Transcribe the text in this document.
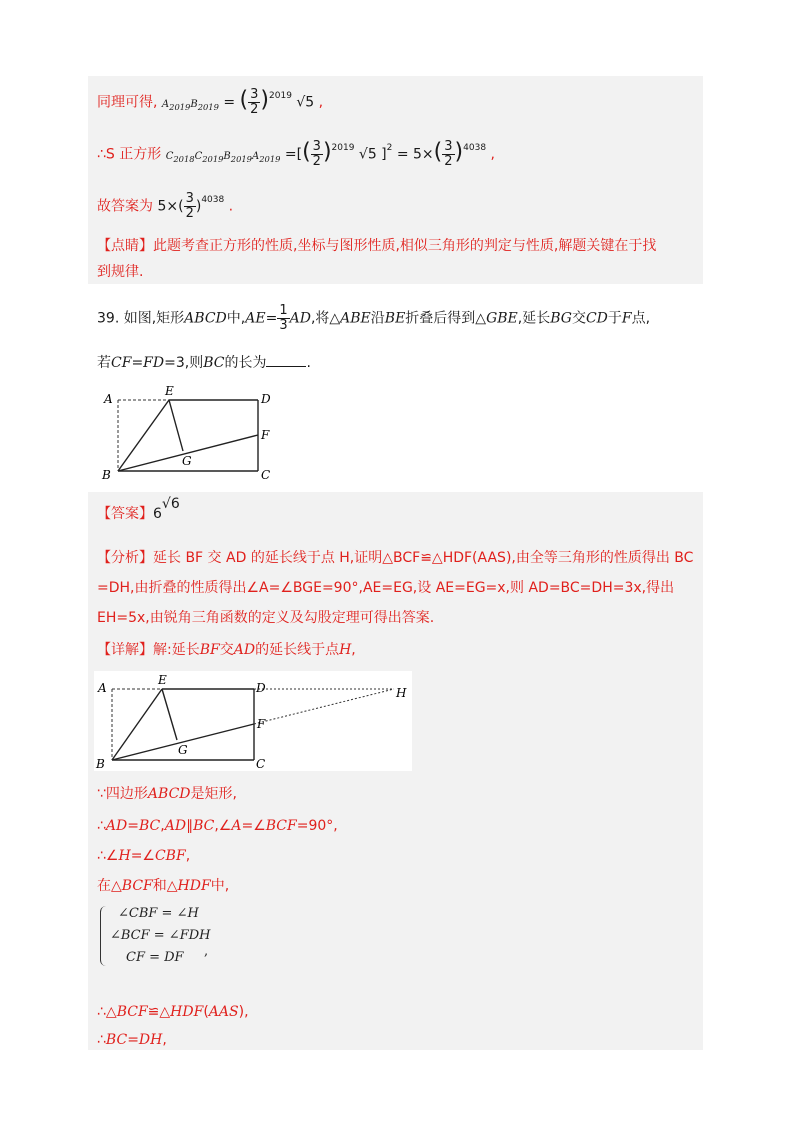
同理可得, $A_{2019}B_{2019}$ = ( $\frac{3}{2} )^{2019}$ √5 ,
∴S 正方形 $C_{2018}C_{2019}B_{2019}A_{2019}$ =[( $\frac{3}{2} )^{2019}$ √5 ]$^2 = 5\times( \frac{3}{2} )^{4038}$ ,
故答案为 $5\times( \frac{3}{2} )^{4038}$ .
【点睛】此题考查正方形的性质,坐标与图形性质,相似三角形的判定与性质,解题关键在于找
到规律.
39. 如图,矩形ABCD中$,AE= \frac{1}{3}$ AD,将△ABE沿BE折叠后得到△GBE,延长BG交CD于F点,
若CF=FD=3,则BC的长为	.
A
E
D
F
G
B	C
【答案】6√6
【分析】延长 BF 交 AD 的延长线于点 H,证明△BCF≌△HDF(AAS),由全等三角形的性质得出 BC
=DH,由折叠的性质得出∠A=∠BGE=90°,AE=EG,设 AE=EG=x,则 AD=BC=DH=3x,得出
EH=5x,由锐角三角函数的定义及勾股定理可得出答案.
【详解】解:延长BF交AD的延长线于点H,
A
E
D	H
F
G
B	C
∵四边形ABCD是矩形,
∴AD=BC,AD∥BC,∠A=∠BCF=90°,
∴∠H=∠CBF,
在△BCF和△HDF中,
∠CBF = ∠H
∠BCF = ∠FDH
CF = DF ,
∴△BCF≌△HDF(AAS),
∴BC=DH,
